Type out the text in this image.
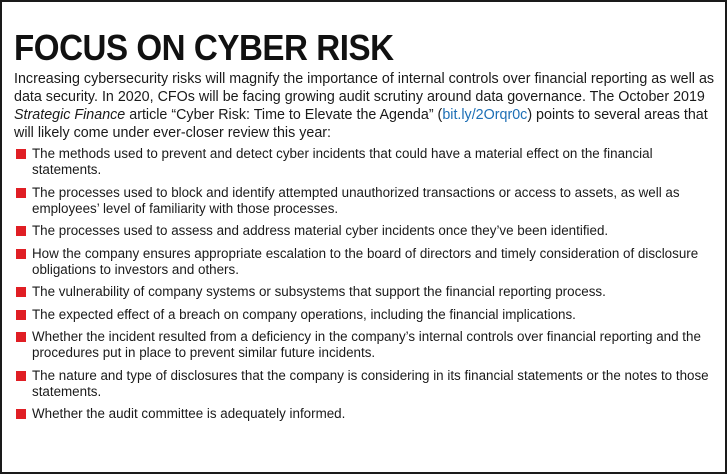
FOCUS ON CYBER RISK

Increasing cybersecurity risks will magnify the importance of internal controls over financial reporting as well as data security. In 2020, CFOs will be facing growing audit scrutiny around data governance. The October 2019 Strategic Finance article “Cyber Risk: Time to Elevate the Agenda” (bit.ly/2Orqr0c) points to several areas that will likely come under ever-closer review this year:

The methods used to prevent and detect cyber incidents that could have a material effect on the financial statements.
The processes used to block and identify attempted unauthorized transactions or access to assets, as well as employees’ level of familiarity with those processes.
The processes used to assess and address material cyber incidents once they’ve been identified.
How the company ensures appropriate escalation to the board of directors and timely consideration of disclosure obligations to investors and others.
The vulnerability of company systems or subsystems that support the financial reporting process.
The expected effect of a breach on company operations, including the financial implications.
Whether the incident resulted from a deficiency in the company’s internal controls over financial reporting and the procedures put in place to prevent similar future incidents.
The nature and type of disclosures that the company is considering in its financial statements or the notes to those statements.
Whether the audit committee is adequately informed.
